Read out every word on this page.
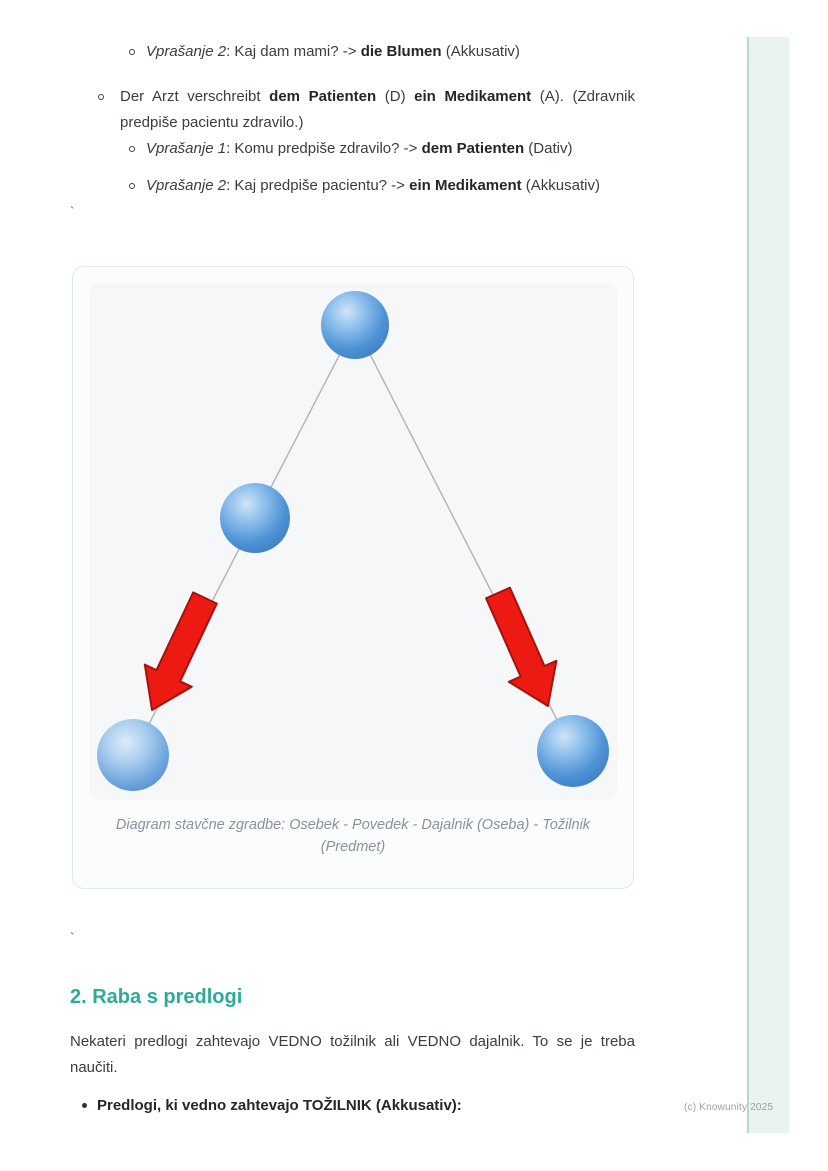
Vprašanje 2: Kaj dam mami? -> die Blumen (Akkusativ)
Der Arzt verschreibt dem Patienten (D) ein Medikament (A). (Zdravnik predpiše pacientu zdravilo.)
Vprašanje 1: Komu predpiše zdravilo? -> dem Patienten (Dativ)
Vprašanje 2: Kaj predpiše pacientu? -> ein Medikament (Akkusativ)
`
Diagram stavčne zgradbe: Osebek - Povedek - Dajalnik (Oseba) - Tožilnik (Predmet)
`
2. Raba s predlogi
Nekateri predlogi zahtevajo VEDNO tožilnik ali VEDNO dajalnik. To se je treba naučiti.
Predlogi, ki vedno zahtevajo TOŽILNIK (Akkusativ):	(c) Knowunity 2025
